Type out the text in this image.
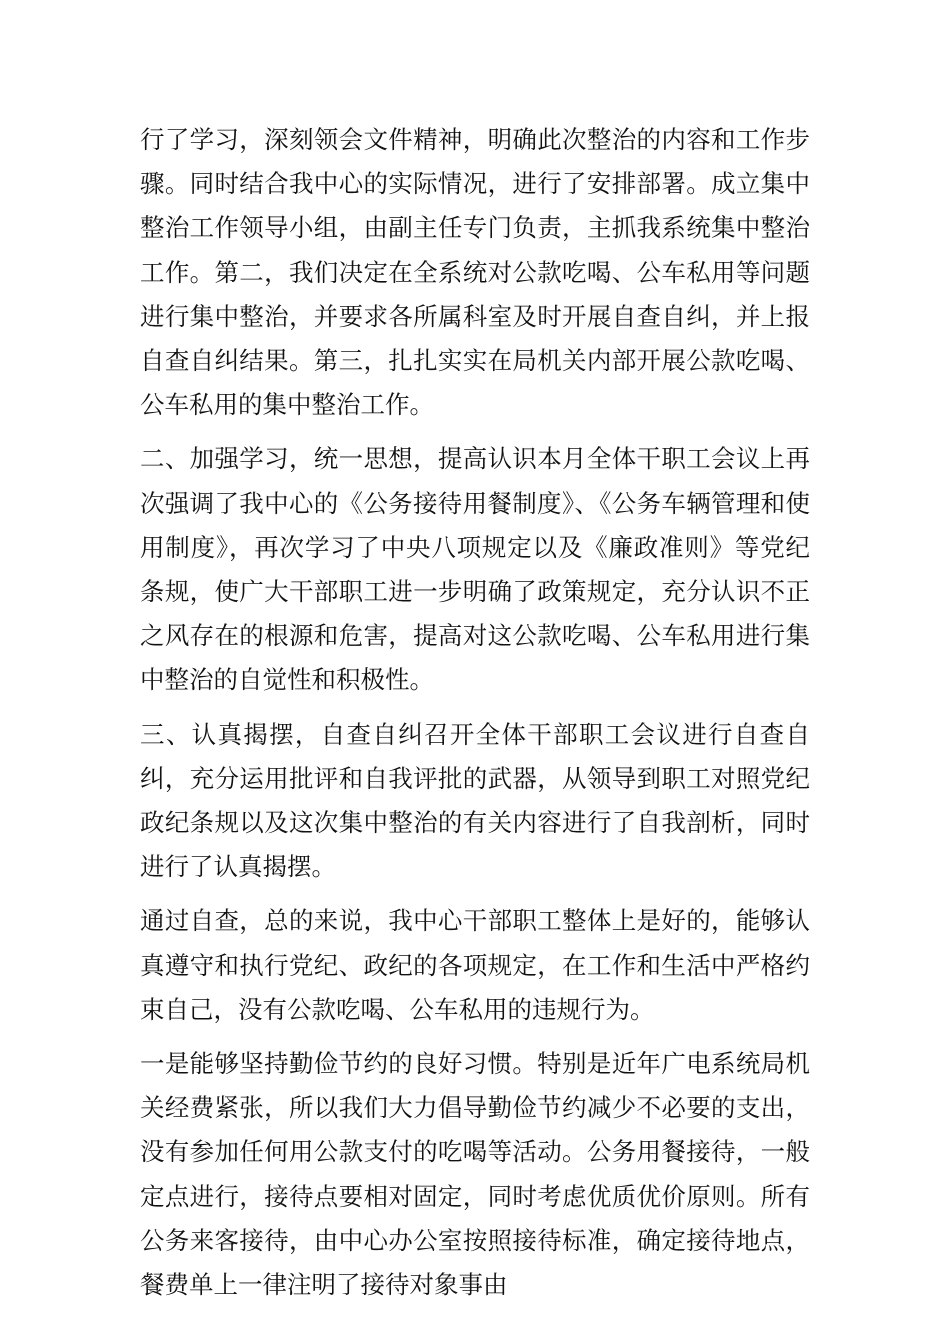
行了学习，深刻领会文件精神，明确此次整治的内容和工作步骤。同时结合我中心的实际情况，进行了安排部署。成立集中整治工作领导小组，由副主任专门负责，主抓我系统集中整治工作。第二，我们决定在全系统对公款吃喝、公车私用等问题进行集中整治，并要求各所属科室及时开展自查自纠，并上报自查自纠结果。第三，扎扎实实在局机关内部开展公款吃喝、公车私用的集中整治工作。

二、加强学习，统一思想，提高认识本月全体干职工会议上再次强调了我中心的《公务接待用餐制度》、《公务车辆管理和使用制度》，再次学习了中央八项规定以及《廉政准则》等党纪条规，使广大干部职工进一步明确了政策规定，充分认识不正之风存在的根源和危害，提高对这公款吃喝、公车私用进行集中整治的自觉性和积极性。

三、认真揭摆，自查自纠召开全体干部职工会议进行自查自纠，充分运用批评和自我评批的武器，从领导到职工对照党纪政纪条规以及这次集中整治的有关内容进行了自我剖析，同时进行了认真揭摆。

通过自查，总的来说，我中心干部职工整体上是好的，能够认真遵守和执行党纪、政纪的各项规定，在工作和生活中严格约束自己，没有公款吃喝、公车私用的违规行为。

一是能够坚持勤俭节约的良好习惯。特别是近年广电系统局机关经费紧张，所以我们大力倡导勤俭节约减少不必要的支出，没有参加任何用公款支付的吃喝等活动。公务用餐接待，一般定点进行，接待点要相对固定，同时考虑优质优价原则。所有公务来客接待，由中心办公室按照接待标准，确定接待地点，餐费单上一律注明了接待对象事由
